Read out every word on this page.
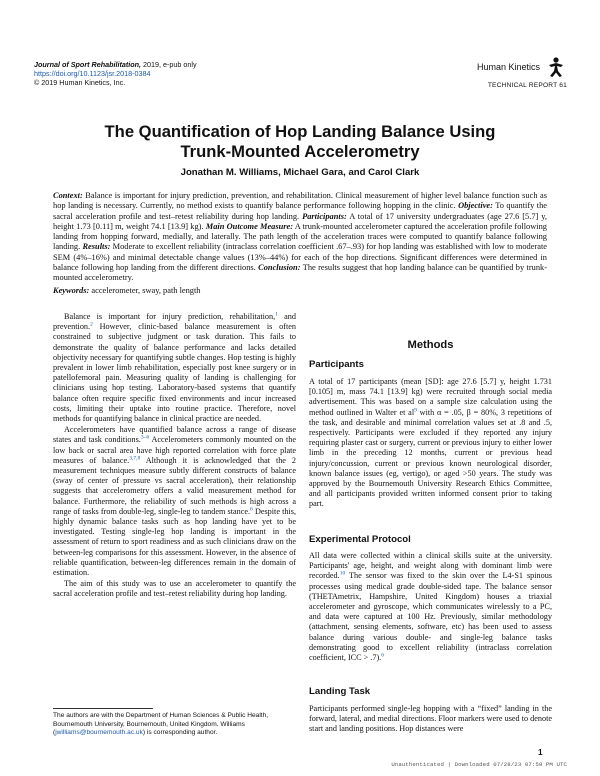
Journal of Sport Rehabilitation, 2019, e-pub only
https://doi.org/10.1123/jsr.2018-0384
© 2019 Human Kinetics, Inc.
Human Kinetics
TECHNICAL REPORT 61
The Quantification of Hop Landing Balance Using
Trunk-Mounted Accelerometry
Jonathan M. Williams, Michael Gara, and Carol Clark

Context: Balance is important for injury prediction, prevention, and rehabilitation. Clinical measurement of higher level balance function such as hop landing is necessary. Currently, no method exists to quantify balance performance following hopping in the clinic. Objective: To quantify the sacral acceleration profile and test–retest reliability during hop landing. Participants: A total of 17 university undergraduates (age 27.6 [5.7] y, height 1.73 [0.11] m, weight 74.1 [13.9] kg). Main Outcome Measure: A trunk-mounted accelerometer captured the acceleration profile following landing from hopping forward, medially, and laterally. The path length of the acceleration traces were computed to quantify balance following landing. Results: Moderate to excellent reliability (intraclass correlation coefficient .67–.93) for hop landing was established with low to moderate SEM (4%–16%) and minimal detectable change values (13%–44%) for each of the hop directions. Significant differences were determined in balance following hop landing from the different directions. Conclusion: The results suggest that hop landing balance can be quantified by trunk-mounted accelerometry.

Keywords: accelerometer, sway, path length

Balance is important for injury prediction, rehabilitation,$^1$ and prevention.$^2$ However, clinic-based balance measurement is often constrained to subjective judgment or task duration. This fails to demonstrate the quality of balance performance and lacks detailed objectivity necessary for quantifying subtle changes. Hop testing is highly prevalent in lower limb rehabilitation, especially post knee surgery or in patellofemoral pain. Measuring quality of landing is challenging for clinicians using hop testing. Laboratory-based systems that quantify balance often require specific fixed environments and incur increased costs, limiting their uptake into routine practice. Therefore, novel methods for quantifying balance in clinical practice are needed.

Accelerometers have quantified balance across a range of disease states and task conditions.$^{3-6}$ Accelerometers commonly mounted on the low back or sacral area have high reported correlation with force plate measures of balance.$^{3,7,8}$ Although it is acknowledged that the 2 measurement techniques measure subtly different constructs of balance (sway of center of pressure vs sacral acceleration), their relationship suggests that accelerometry offers a valid measurement method for balance. Furthermore, the reliability of such methods is high across a range of tasks from double-leg, single-leg to tandem stance.$^6$ Despite this, highly dynamic balance tasks such as hop landing have yet to be investigated. Testing single-leg hop landing is important in the assessment of return to sport readiness and as such clinicians draw on the between-leg comparisons for this assessment. However, in the absence of reliable quantification, between-leg differences remain in the domain of estimation.

The aim of this study was to use an accelerometer to quantify the sacral acceleration profile and test–retest reliability during hop landing.

Methods
Participants

A total of 17 participants (mean [SD]: age 27.6 [5.7] y, height 1.731 [0.105] m, mass 74.1 [13.9] kg) were recruited through social media advertisement. This was based on a sample size calculation using the method outlined in Walter et $al^9$ with α = .05, β = 80%, 3 repetitions of the task, and desirable and minimal correlation values set at .8 and .5, respectively. Participants were excluded if they reported any injury requiring plaster cast or surgery, current or previous injury to either lower limb in the preceding 12 months, current or previous head injury/concussion, current or previous known neurological disorder, known balance issues (eg, vertigo), or aged >50 years. The study was approved by the Bournemouth University Research Ethics Committee, and all participants provided written informed consent prior to taking part.

Experimental Protocol

All data were collected within a clinical skills suite at the university. Participants' age, height, and weight along with dominant limb were recorded.$^{10}$ The sensor was fixed to the skin over the L4-S1 spinous processes using medical grade double-sided tape. The balance sensor (THETAmetrix, Hampshire, United Kingdom) houses a triaxial accelerometer and gyroscope, which communicates wirelessly to a PC, and data were captured at 100 Hz. Previously, similar methodology (attachment, sensing elements, software, etc) has been used to assess balance during various double- and single-leg balance tasks demonstrating good to excellent reliability (intraclass correlation coefficient, ICC > .7).$^6$

Landing Task

Participants performed single-leg hopping with a “fixed” landing in the forward, lateral, and medial directions. Floor markers were used to denote start and landing positions. Hop distances were

The authors are with the Department of Human Sciences & Public Health, Bournemouth University, Bournemouth, United Kingdom. Williams (jwilliams@bournemouth.ac.uk) is corresponding author.
1
Unauthenticated | Downloaded 07/28/23 07:59 PM UTC
